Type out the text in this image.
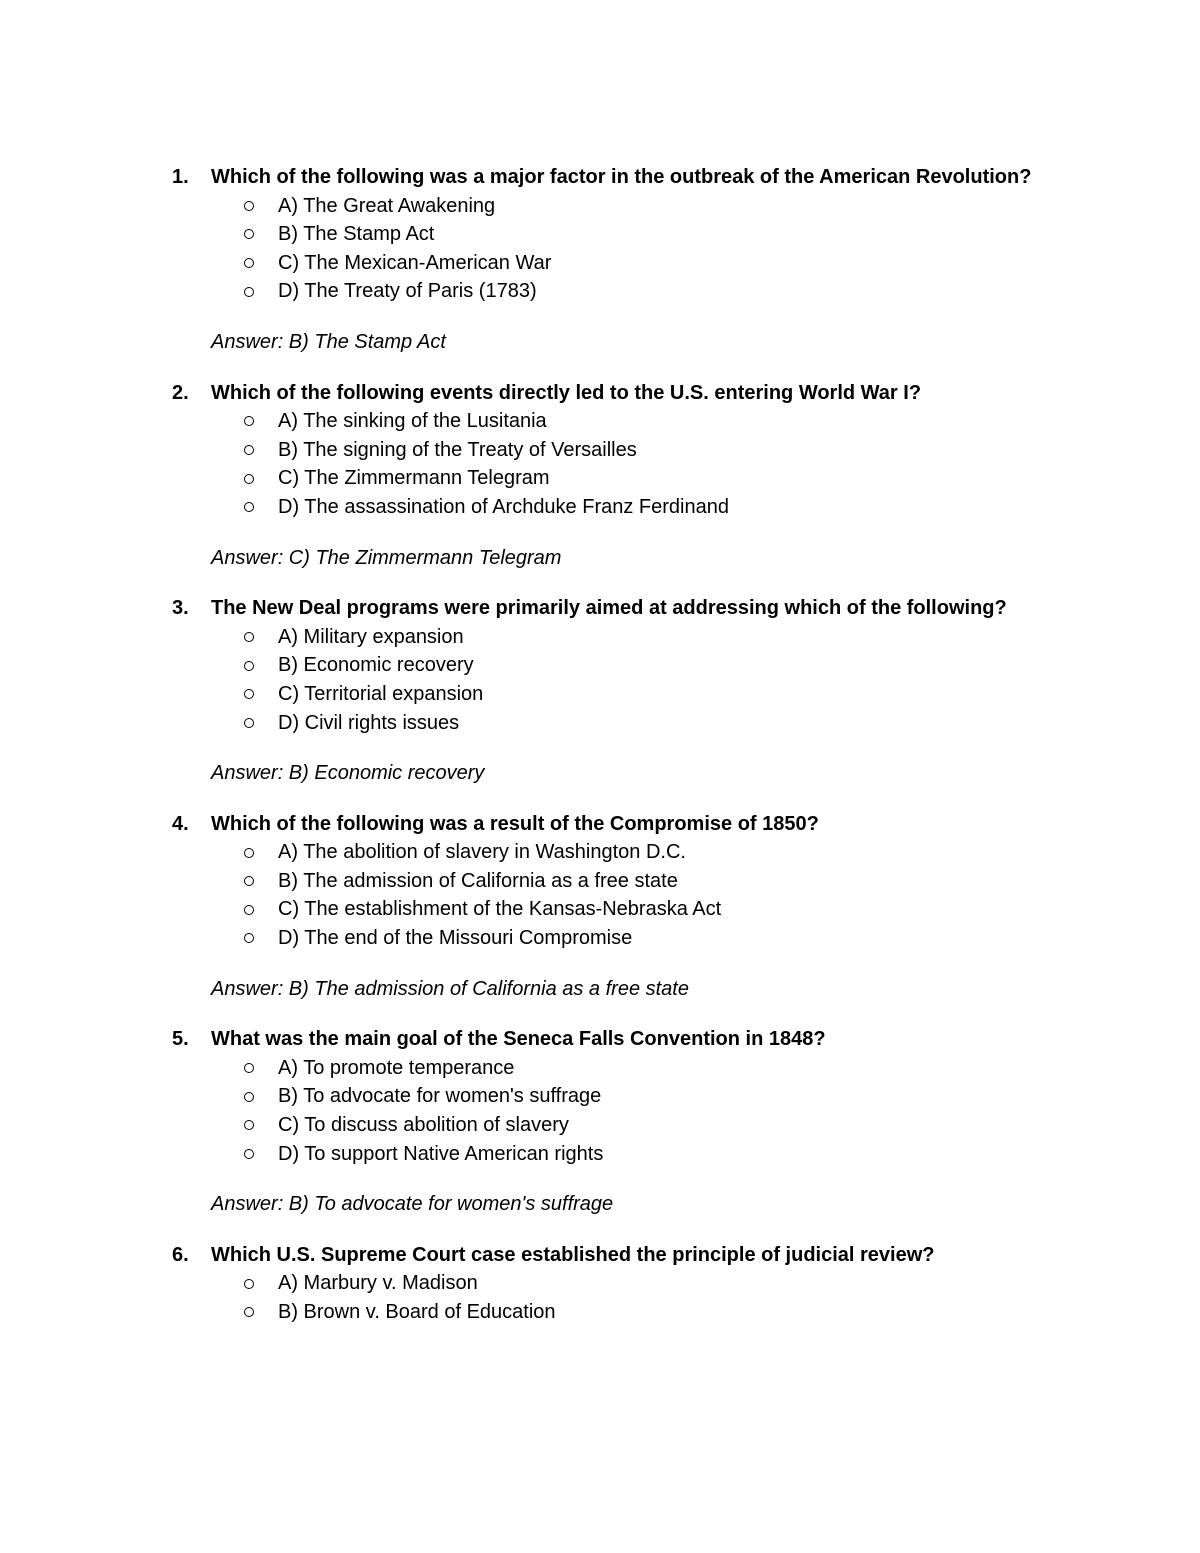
1.	Which of the following was a major factor in the outbreak of the American Revolution?
A) The Great Awakening
B) The Stamp Act
C) The Mexican-American War
D) The Treaty of Paris (1783)
Answer: B) The Stamp Act
2.	Which of the following events directly led to the U.S. entering World War I?
A) The sinking of the Lusitania
B) The signing of the Treaty of Versailles
C) The Zimmermann Telegram
D) The assassination of Archduke Franz Ferdinand
Answer: C) The Zimmermann Telegram
3.	The New Deal programs were primarily aimed at addressing which of the following?
A) Military expansion
B) Economic recovery
C) Territorial expansion
D) Civil rights issues
Answer: B) Economic recovery
4.	Which of the following was a result of the Compromise of 1850?
A) The abolition of slavery in Washington D.C.
B) The admission of California as a free state
C) The establishment of the Kansas-Nebraska Act
D) The end of the Missouri Compromise
Answer: B) The admission of California as a free state
5.	What was the main goal of the Seneca Falls Convention in 1848?
A) To promote temperance
B) To advocate for women's suffrage
C) To discuss abolition of slavery
D) To support Native American rights
Answer: B) To advocate for women's suffrage
6.	Which U.S. Supreme Court case established the principle of judicial review?
A) Marbury v. Madison
B) Brown v. Board of Education
